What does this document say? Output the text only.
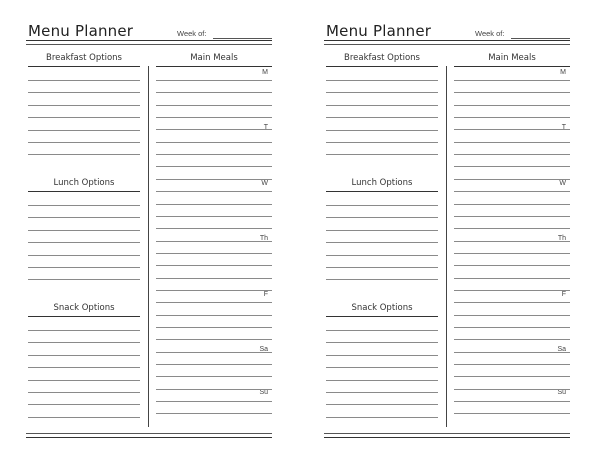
Menu Planner	Week of:
Breakfast Options
Lunch Options
Snack Options
Main Meals
M
T
W
Th
F
Sa
Su
Menu Planner	Week of:
Breakfast Options
Lunch Options
Snack Options
Main Meals
M
T
W
Th
F
Sa
Su
